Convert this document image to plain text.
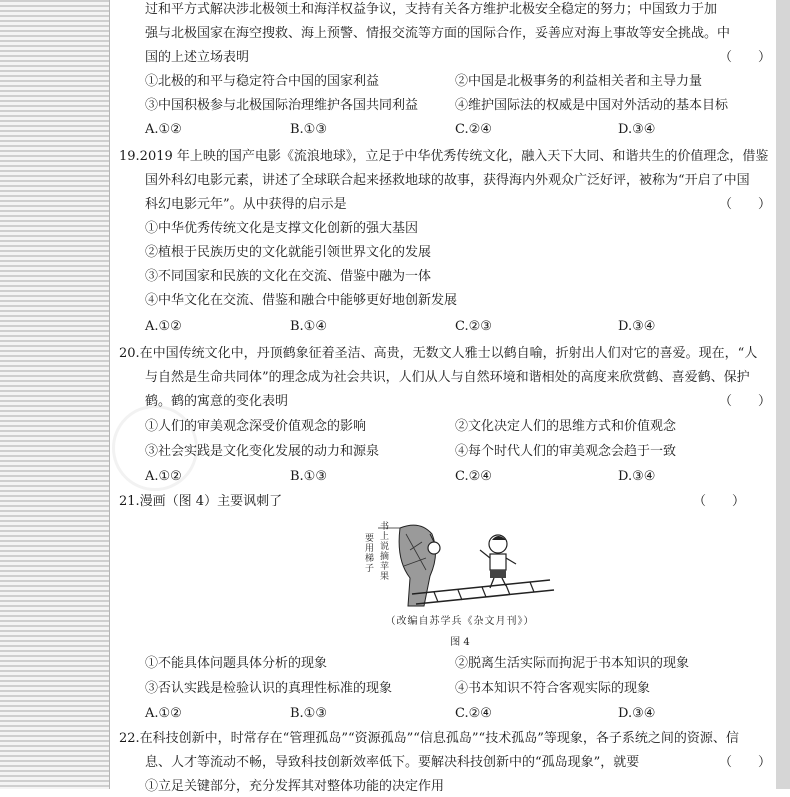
过和平方式解决涉北极领土和海洋权益争议，支持有关各方维护北极安全稳定的努力；中国致力于加
强与北极国家在海空搜救、海上预警、情报交流等方面的国际合作，妥善应对海上事故等安全挑战。中
国的上述立场表明	（　　）
①北极的和平与稳定符合中国的国家利益	②中国是北极事务的利益相关者和主导力量
③中国积极参与北极国际治理维护各国共同利益	④维护国际法的权威是中国对外活动的基本目标
A.①②	B.①③	C.②④	D.③④
19.2019 年上映的国产电影《流浪地球》，立足于中华优秀传统文化，融入天下大同、和谐共生的价值理念，借鉴
国外科幻电影元素，讲述了全球联合起来拯救地球的故事，获得海内外观众广泛好评，被称为“开启了中国
科幻电影元年”。从中获得的启示是	（　　）
①中华优秀传统文化是支撑文化创新的强大基因
②植根于民族历史的文化就能引领世界文化的发展
③不同国家和民族的文化在交流、借鉴中融为一体
④中华文化在交流、借鉴和融合中能够更好地创新发展
A.①②	B.①④	C.②③	D.③④
20.在中国传统文化中，丹顶鹤象征着圣洁、高贵，无数文人雅士以鹤自喻，折射出人们对它的喜爱。现在，“人
与自然是生命共同体”的理念成为社会共识，人们从人与自然环境和谐相处的高度来欣赏鹤、喜爱鹤、保护
鹤。鹤的寓意的变化表明	（　　）
①人们的审美观念深受价值观念的影响	②文化决定人们的思维方式和价值观念
③社会实践是文化变化发展的动力和源泉	④每个时代人们的审美观念会趋于一致
A.①②	B.①③	C.②④	D.③④
21.漫画（图 4）主要讽刺了	（　　）
书上说摘苹果
要用梯子
（改编自苏学兵《杂文月刊》）
图 4
①不能具体问题具体分析的现象	②脱离生活实际而拘泥于书本知识的现象
③否认实践是检验认识的真理性标准的现象	④书本知识不符合客观实际的现象
A.①②	B.①③	C.②④	D.③④
22.在科技创新中，时常存在“管理孤岛”“资源孤岛”“信息孤岛”“技术孤岛”等现象，各子系统之间的资源、信
息、人才等流动不畅，导致科技创新效率低下。要解决科技创新中的“孤岛现象”，就要	（　　）
①立足关键部分，充分发挥其对整体功能的决定作用
